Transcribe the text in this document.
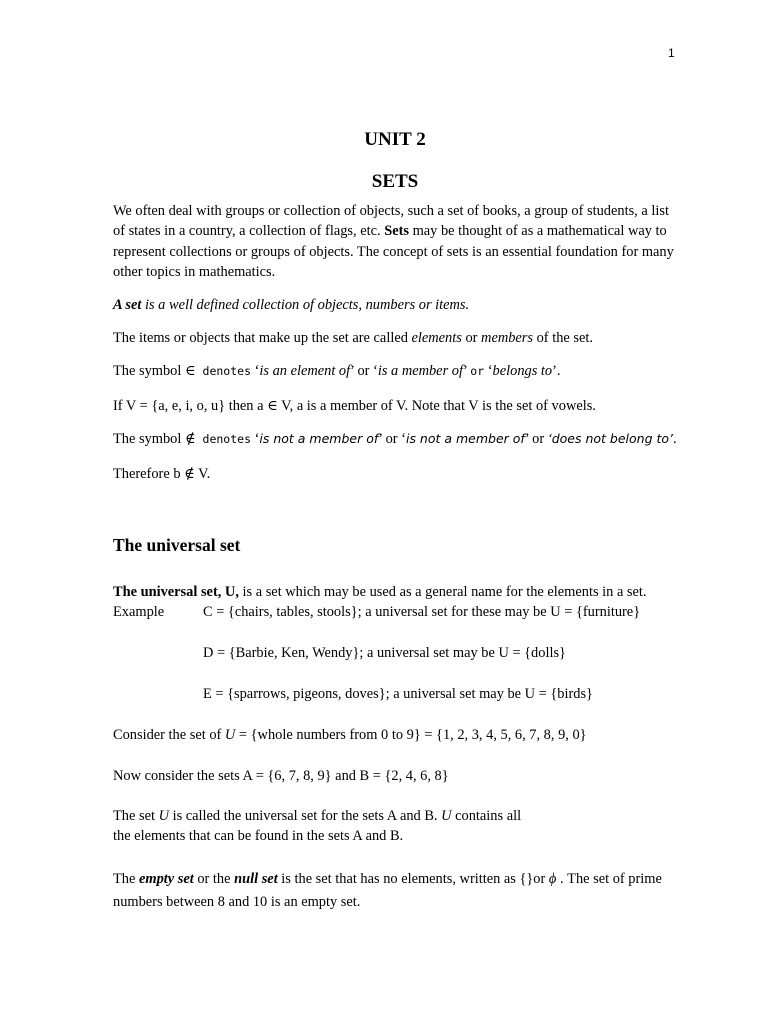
1
UNIT 2
SETS

We often deal with groups or collection of objects, such a set of books, a group of students, a list of states in a country, a collection of flags, etc. Sets may be thought of as a mathematical way to represent collections or groups of objects. The concept of sets is an essential foundation for many other topics in mathematics.

A set is a well defined collection of objects, numbers or items.

The items or objects that make up the set are called elements or members of the set.

The symbol ∈ denotes ‘is an element of’ or ‘is a member of’ or ‘belongs to’.

If V = {a, e, i, o, u} then a ∈ V, a is a member of V. Note that V is the set of vowels.

The symbol ∉ denotes ‘is not a member of’ or ‘is not a member of’ or ‘does not belong to’.

Therefore b ∉ V.

The universal set

The universal set, U, is a set which may be used as a general name for the elements in a set.

Example	C = {chairs, tables, stools}; a universal set for these may be U = {furniture}
D = {Barbie, Ken, Wendy}; a universal set may be U = {dolls}
E = {sparrows, pigeons, doves}; a universal set may be U = {birds}

Consider the set of U = {whole numbers from 0 to 9} = {1, 2, 3, 4, 5, 6, 7, 8, 9, 0}

Now consider the sets A = {6, 7, 8, 9} and B = {2, 4, 6, 8}

The set U is called the universal set for the sets A and B. U contains all
the elements that can be found in the sets A and B.

The empty set or the null set is the set that has no elements, written as {}or ϕ . The set of prime numbers between 8 and 10 is an empty set.
